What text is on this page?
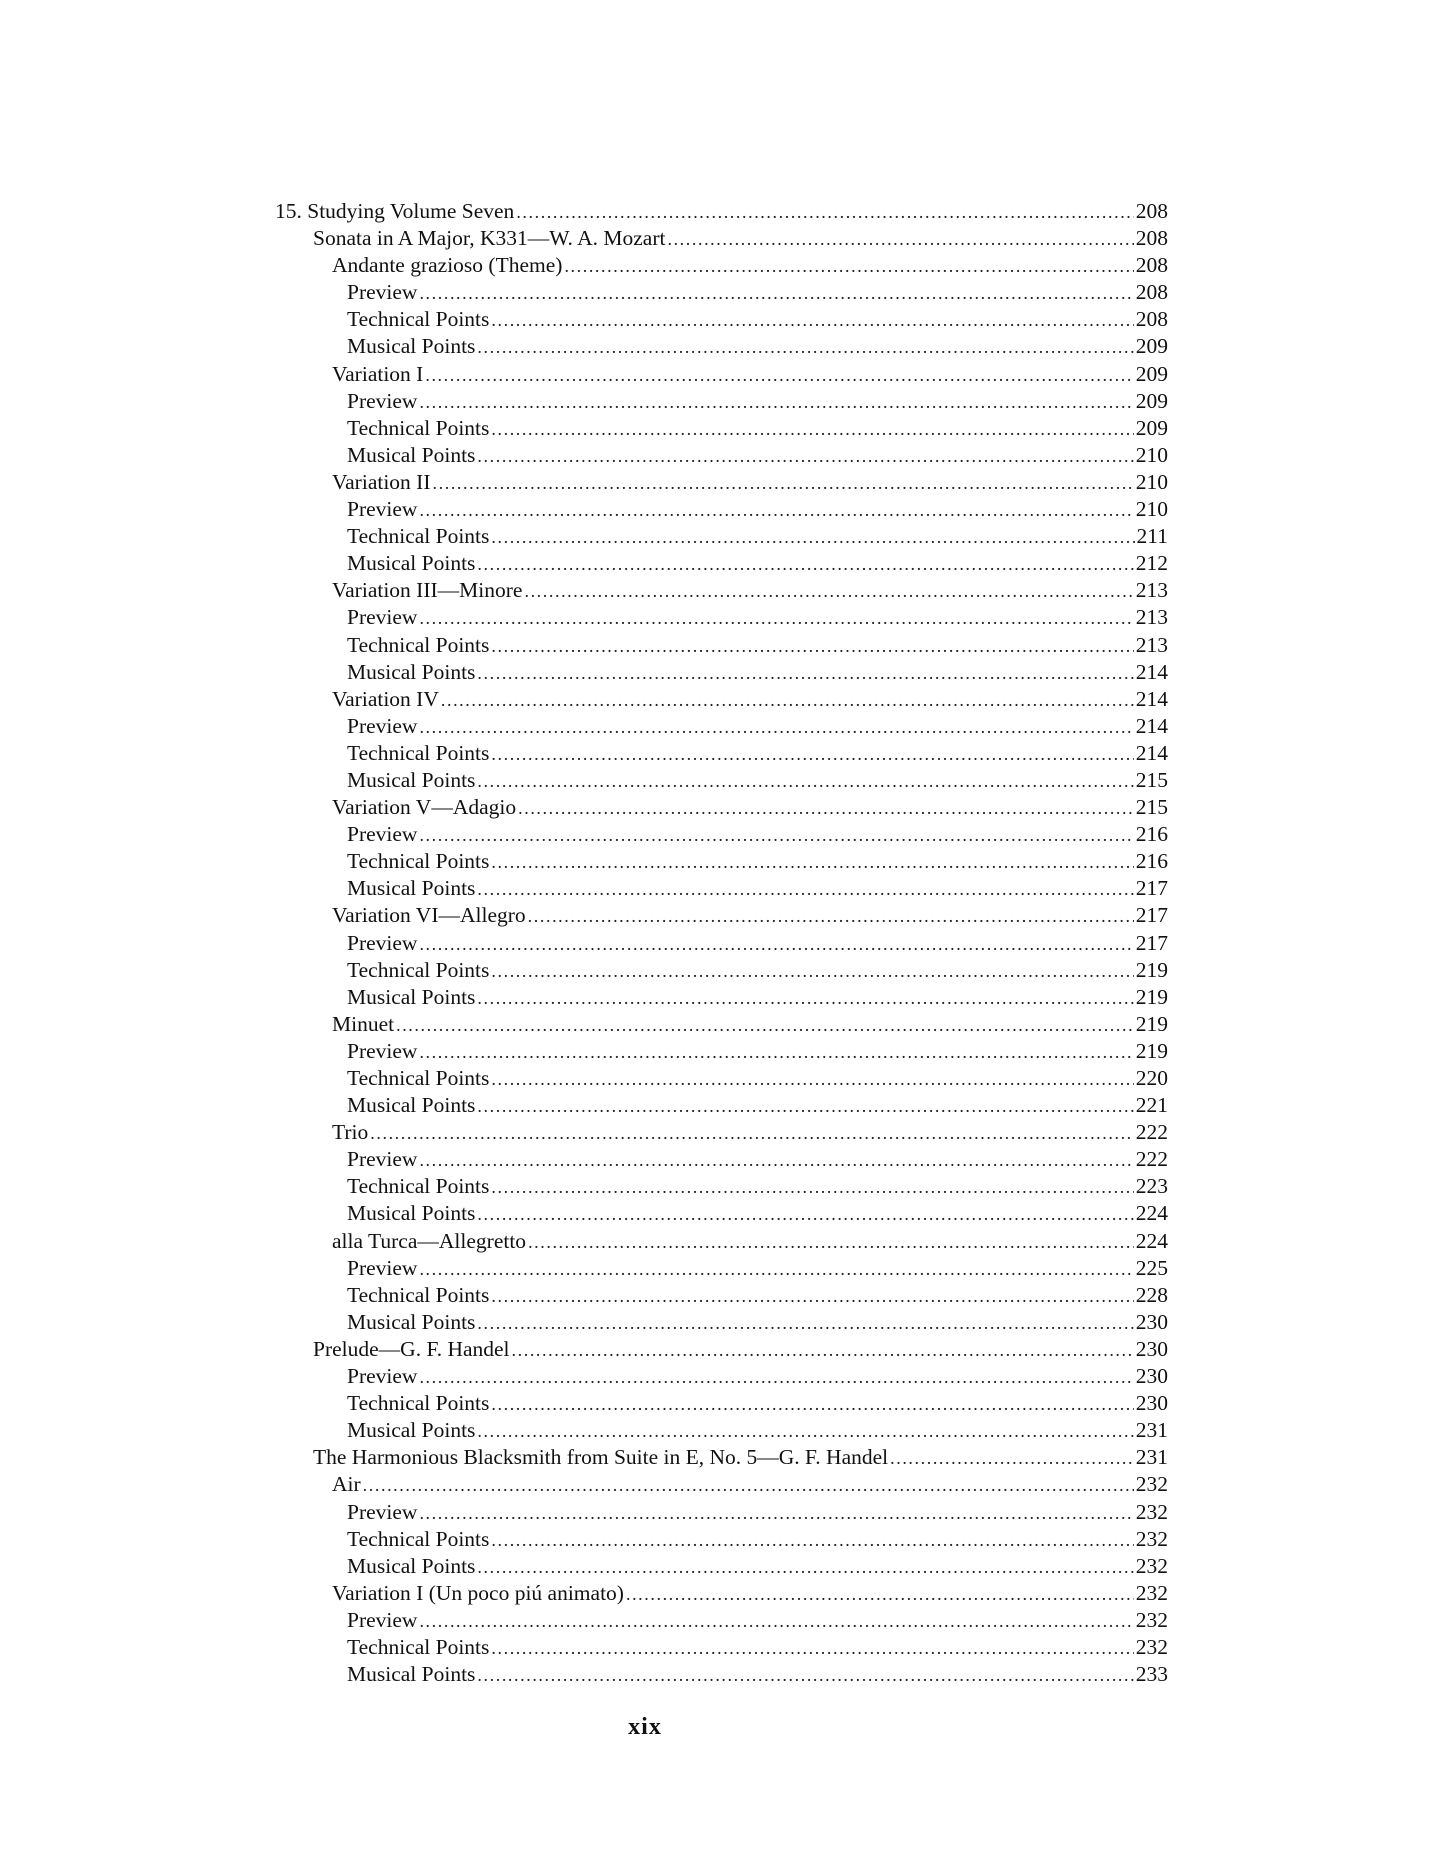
15. Studying Volume Seven .....	208
Sonata in A Major, K331—W. A. Mozart .....	208
Andante grazioso (Theme) .....	208
Preview .....	208
Technical Points .....	208
Musical Points .....	209
Variation I .....	209
Preview .....	209
Technical Points .....	209
Musical Points .....	210
Variation II .....	210
Preview .....	210
Technical Points .....	211
Musical Points .....	212
Variation III—Minore .....	213
Preview .....	213
Technical Points .....	213
Musical Points .....	214
Variation IV .....	214
Preview .....	214
Technical Points .....	214
Musical Points .....	215
Variation V—Adagio .....	215
Preview .....	216
Technical Points .....	216
Musical Points .....	217
Variation VI—Allegro .....	217
Preview .....	217
Technical Points .....	219
Musical Points .....	219
Minuet .....	219
Preview .....	219
Technical Points .....	220
Musical Points .....	221
Trio .....	222
Preview .....	222
Technical Points .....	223
Musical Points .....	224
alla Turca—Allegretto .....	224
Preview .....	225
Technical Points .....	228
Musical Points .....	230
Prelude—G. F. Handel .....	230
Preview .....	230
Technical Points .....	230
Musical Points .....	231
The Harmonious Blacksmith from Suite in E, No. 5—G. F. Handel .....	231
Air .....	232
Preview .....	232
Technical Points .....	232
Musical Points .....	232
Variation I (Un poco piú animato) .....	232
Preview .....	232
Technical Points .....	232
Musical Points .....	233
xix
